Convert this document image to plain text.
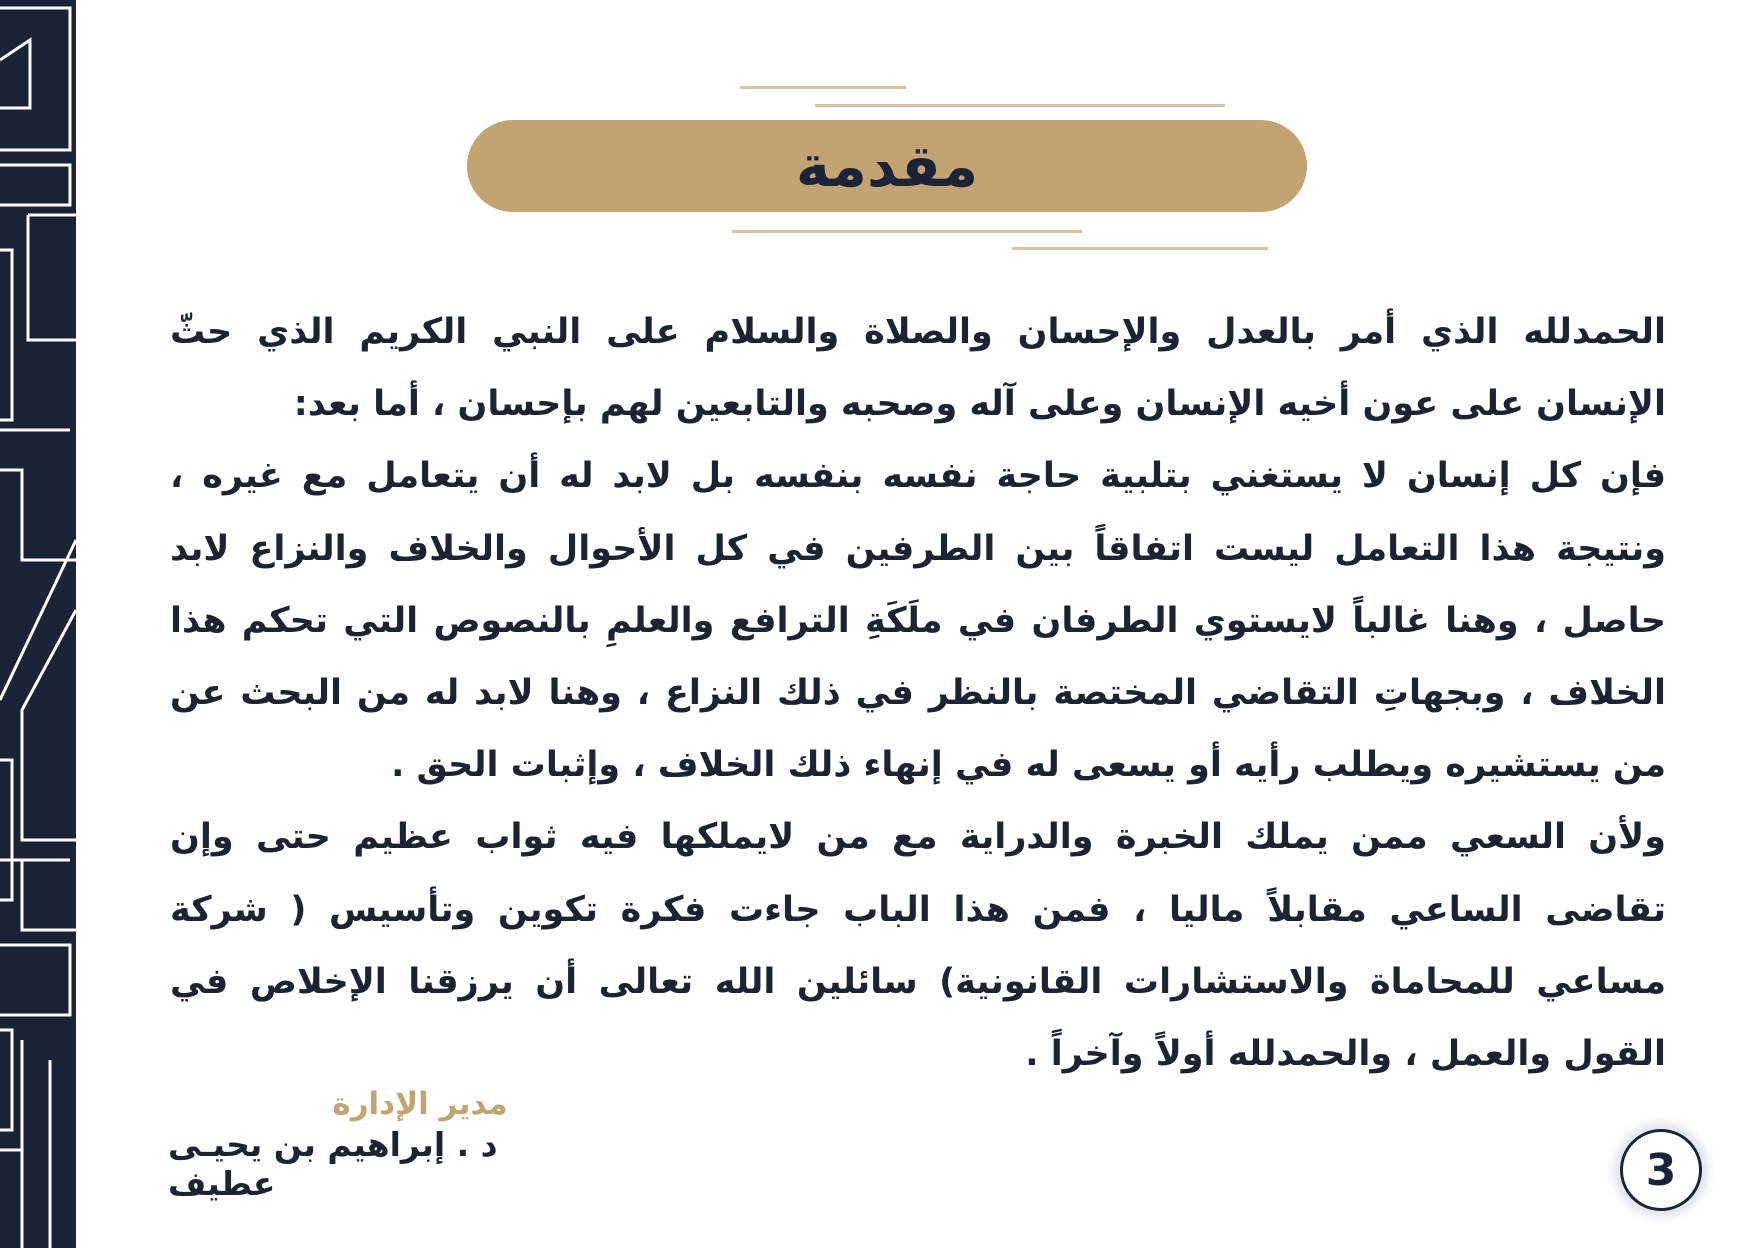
مقدمة

الحمدلله الذي أمر بالعدل والإحسان والصلاة والسلام على النبي الكريم الذي حثّ الإنسان على عون أخيه الإنسان وعلى آله وصحبه والتابعين لهم بإحسان ، أما بعد:

فإن كل إنسان لا يستغني بتلبية حاجة نفسه بنفسه بل لابد له أن يتعامل مع غيره ، ونتيجة هذا التعامل ليست اتفاقاً بين الطرفين في كل الأحوال والخلاف والنزاع لابد حاصل ، وهنا غالباً لايستوي الطرفان في ملَكَةِ الترافع والعلمِ بالنصوص التي تحكم هذا الخلاف ، وبجهاتِ التقاضي المختصة بالنظر في ذلك النزاع ، وهنا لابد له من البحث عن من يستشيره ويطلب رأيه أو يسعى له في إنهاء ذلك الخلاف ، وإثبات الحق .

ولأن السعي ممن يملك الخبرة والدراية مع من لايملكها فيه ثواب عظيم حتى وإن تقاضى الساعي مقابلاً ماليا ، فمن هذا الباب جاءت فكرة تكوين وتأسيس ( شركة مساعي للمحاماة والاستشارات القانونية) سائلين الله تعالى أن يرزقنا الإخلاص في القول والعمل ، والحمدلله أولاً وآخراً .

مدير الإدارة
د . إبراهيم بن يحيـى عطيف	3
